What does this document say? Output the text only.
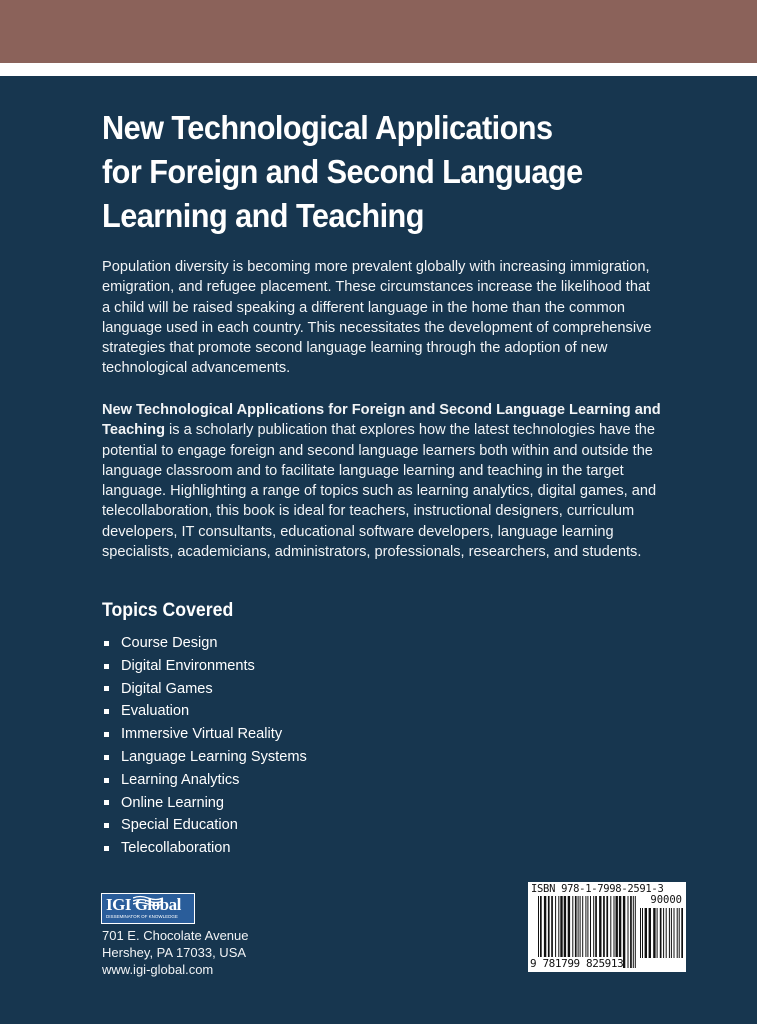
New Technological Applications
for Foreign and Second Language
Learning and Teaching
Population diversity is becoming more prevalent globally with increasing immigration, emigration, and refugee placement. These circumstances increase the likelihood that a child will be raised speaking a different language in the home than the common language used in each country. This necessitates the development of comprehensive strategies that promote second language learning through the adoption of new technological advancements.
New Technological Applications for Foreign and Second Language Learning and Teaching is a scholarly publication that explores how the latest technologies have the potential to engage foreign and second language learners both within and outside the language classroom and to facilitate language learning and teaching in the target language. Highlighting a range of topics such as learning analytics, digital games, and telecollaboration, this book is ideal for teachers, instructional designers, curriculum developers, IT consultants, educational software developers, language learning specialists, academicians, administrators, professionals, researchers, and students.
Topics Covered
Course Design
Digital Environments
Digital Games
Evaluation
Immersive Virtual Reality
Language Learning Systems
Learning Analytics
Online Learning
Special Education
Telecollaboration
IGI Global
DISSEMINATOR OF KNOWLEDGE
701 E. Chocolate Avenue
Hershey, PA 17033, USA
www.igi-global.com
ISBN 978-1-7998-2591-3
90000
9 781799 825913
